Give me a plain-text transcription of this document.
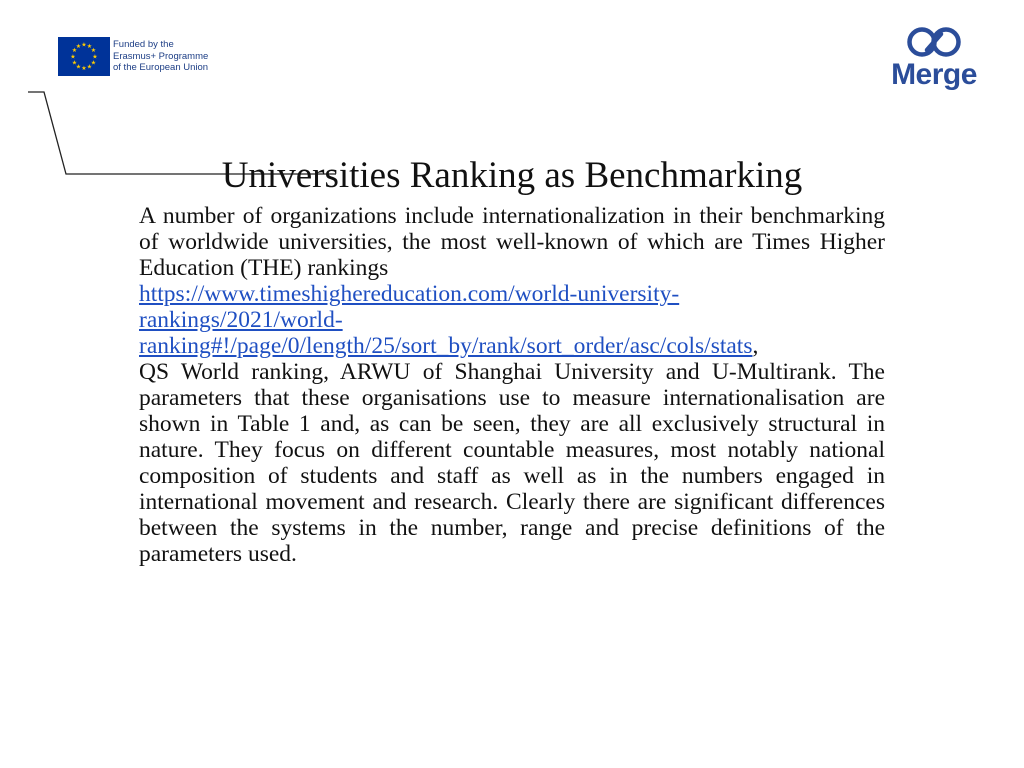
★ ★
★
★
★
★
★
★
★
★
★
★	Funded by the
Erasmus+ Programme
of the European Union	Merge
Universities Ranking as Benchmarking

A number of organizations include internationalization in their benchmarking of worldwide universities, the most well-known of which are Times Higher Education (THE) rankings
https://www.timeshighereducation.com/world-university-
rankings/2021/world-
ranking#!/page/0/length/25/sort_by/rank/sort_order/asc/cols/stats,

QS World ranking, ARWU of Shanghai University and U-Multirank. The parameters that these organisations use to measure internationalisation are shown in Table 1 and, as can be seen, they are all exclusively structural in nature. They focus on different countable measures, most notably national composition of students and staff as well as in the numbers engaged in international movement and research. Clearly there are significant differences between the systems in the number, range and precise definitions of the parameters used.
